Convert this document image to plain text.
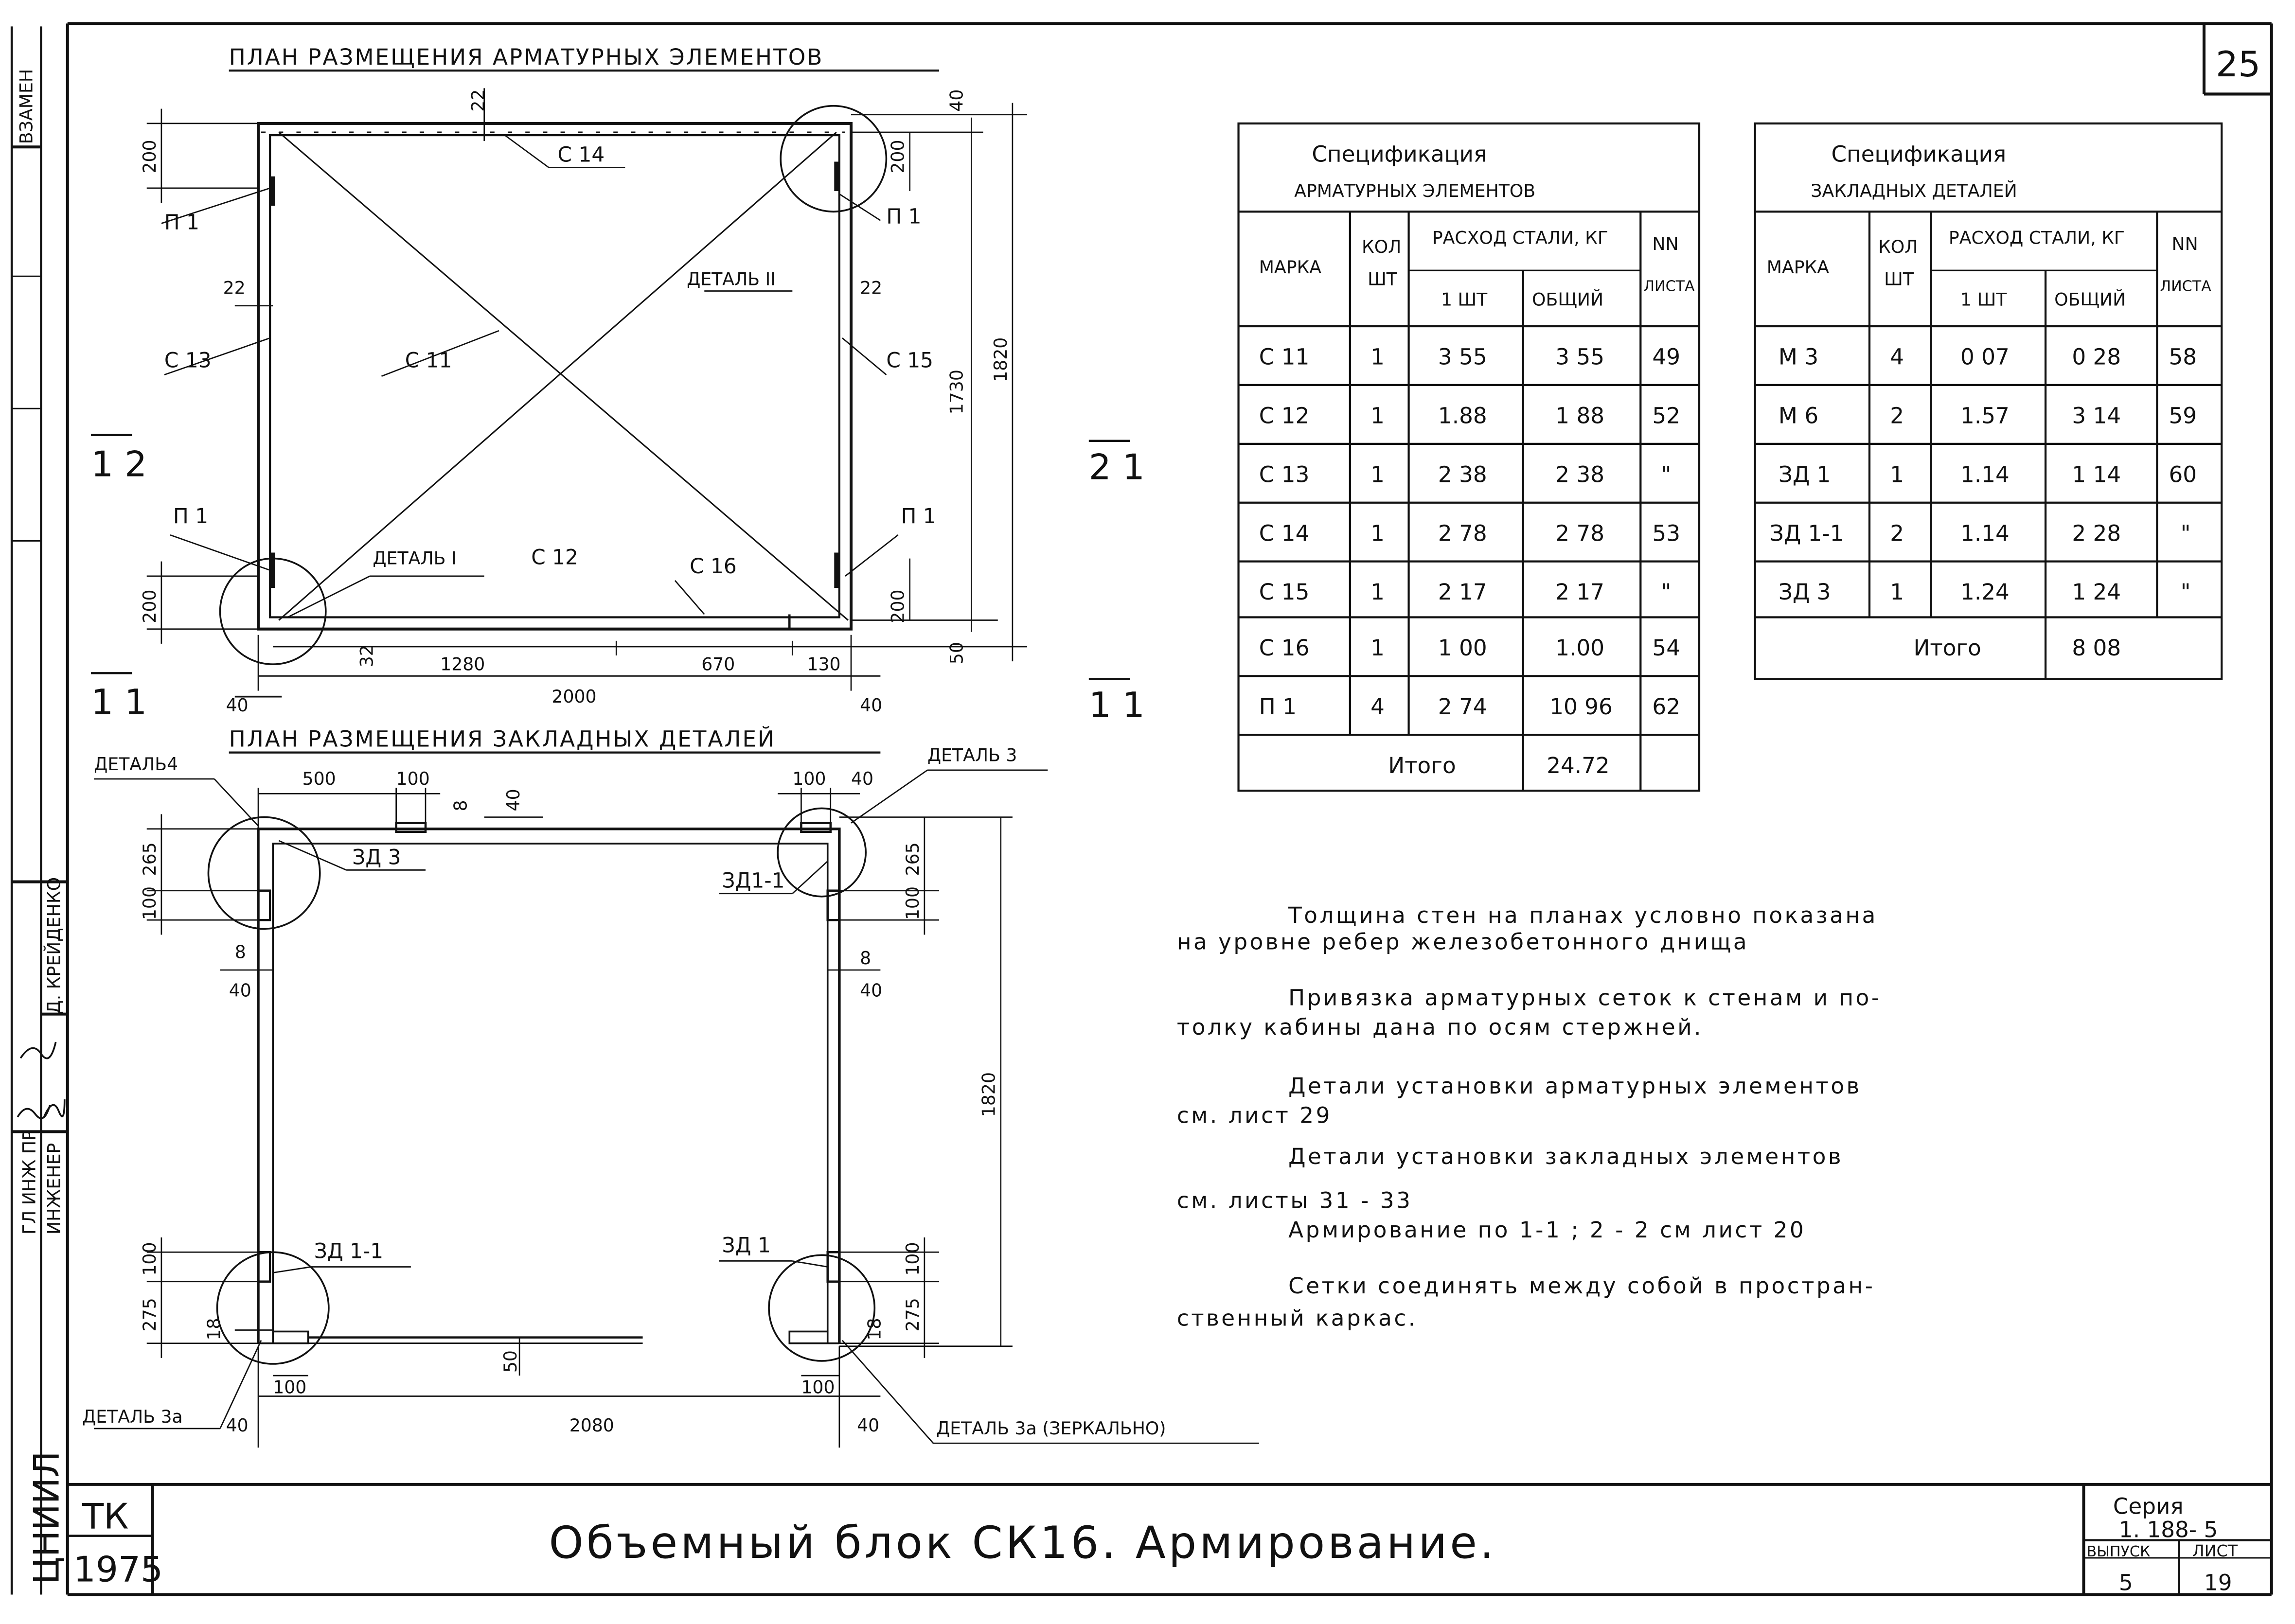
25
ВЗАМЕН
ГЛ ИНЖ ПР ИНЖЕНЕР
Д. КРЕЙДЕНКО
ЦНИИЛ
ПЛАН РАЗМЕЩЕНИЯ АРМАТУРНЫХ ЭЛЕМЕНТОВ
С 14
П 1	П 1
С 13	С 11
ДЕТАЛЬ II
С 15
П 1	П 1
ДЕТАЛЬ I	С 12	С 16
22	40
200	200
22	22
1730
1820
200	200
32	1280	670	130	50
2000
40	40
1 2	2 1
1 1	1 1
ПЛАН РАЗМЕЩЕНИЯ ЗАКЛАДНЫХ ДЕТАЛЕЙ
ДЕТАЛЬ4	ДЕТАЛЬ 3
ЗД 3
ЗД1-1
ЗД 1-1	ЗД 1
ДЕТАЛЬ 3а
ДЕТАЛЬ 3а (ЗЕРКАЛЬНО)
500	100	100	40
8	40
265	265
100	100
8
40
8
40
1820
100
275	18
100
275
18
50
100	100
40	2080	40
Спецификация
АРМАТУРНЫХ ЭЛЕМЕНТОВ
МАРКА
КОЛ
ШТ
РАСХОД СТАЛИ, КГ
1 ШТ	ОБЩИЙ
NN
ЛИСТА
С 11	1	3 55	3 55	49
С 12	1	1.88	1 88	52
С 13	1	2 38	2 38	"
С 14	1	2 78	2 78	53
С 15	1	2 17	2 17	"
С 16	1	1 00	1.00	54
П 1	4	2 74	10 96	62
Итого	24.72
Спецификация
ЗАКЛАДНЫХ ДЕТАЛЕЙ
МАРКА
КОЛ
ШТ
РАСХОД СТАЛИ, КГ
1 ШТ	ОБЩИЙ
NN
ЛИСТА
М 3	4	0 07	0 28	58
М 6	2	1.57	3 14	59
ЗД 1	1	1.14	1 14	60
ЗД 1-1	2	1.14	2 28	"
ЗД 3	1	1.24	1 24	"
Итого	8 08
Толщина стен на планах условно показана
на уровне ребер железобетонного днища
Привязка арматурных сеток к стенам и по-
толку кабины дана по осям стержней.
Детали установки арматурных элементов
см. лист 29
Детали установки закладных элементов
см. листы 31 - 33
Армирование по 1-1 ; 2 - 2 см лист 20
Сетки соединять между собой в простран-
ственный каркас.
ТК
1975
Объемный блок СК16. Армирование.
Серия
1. 188- 5
ВЫПУСК
5
ЛИСТ
19
